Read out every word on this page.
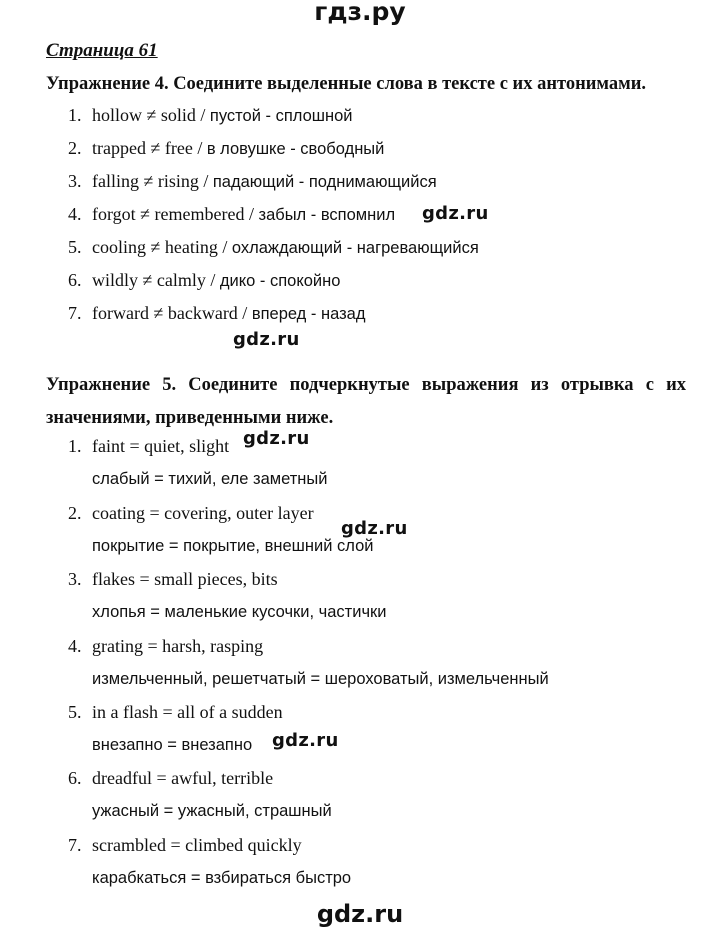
гдз.ру
Страница 61
Упражнение 4. Соедините выделенные слова в тексте с их антонимами.
1. hollow ≠ solid / пустой - сплошной
2. trapped ≠ free / в ловушке - свободный
3. falling ≠ rising / падающий - поднимающийся
4. forgot ≠ remembered / забыл - вспомнил
5. cooling ≠ heating / охлаждающий - нагревающийся
6. wildly ≠ calmly / дико - спокойно
7. forward ≠ backward / вперед - назад
Упражнение 5. Соедините подчеркнутые выражения из отрывка с их значениями, приведенными ниже.
1. faint = quiet, slight
слабый = тихий, еле заметный
2. coating = covering, outer layer
покрытие = покрытие, внешний слой
3. flakes = small pieces, bits
хлопья = маленькие кусочки, частички
4. grating = harsh, rasping
измельченный, решетчатый = шероховатый, измельченный
5. in a flash = all of a sudden
внезапно = внезапно
6. dreadful = awful, terrible
ужасный = ужасный, страшный
7. scrambled = climbed quickly
карабкаться = взбираться быстро
gdz.ru
gdz.ru
gdz.ru
gdz.ru
gdz.ru
gdz.ru
